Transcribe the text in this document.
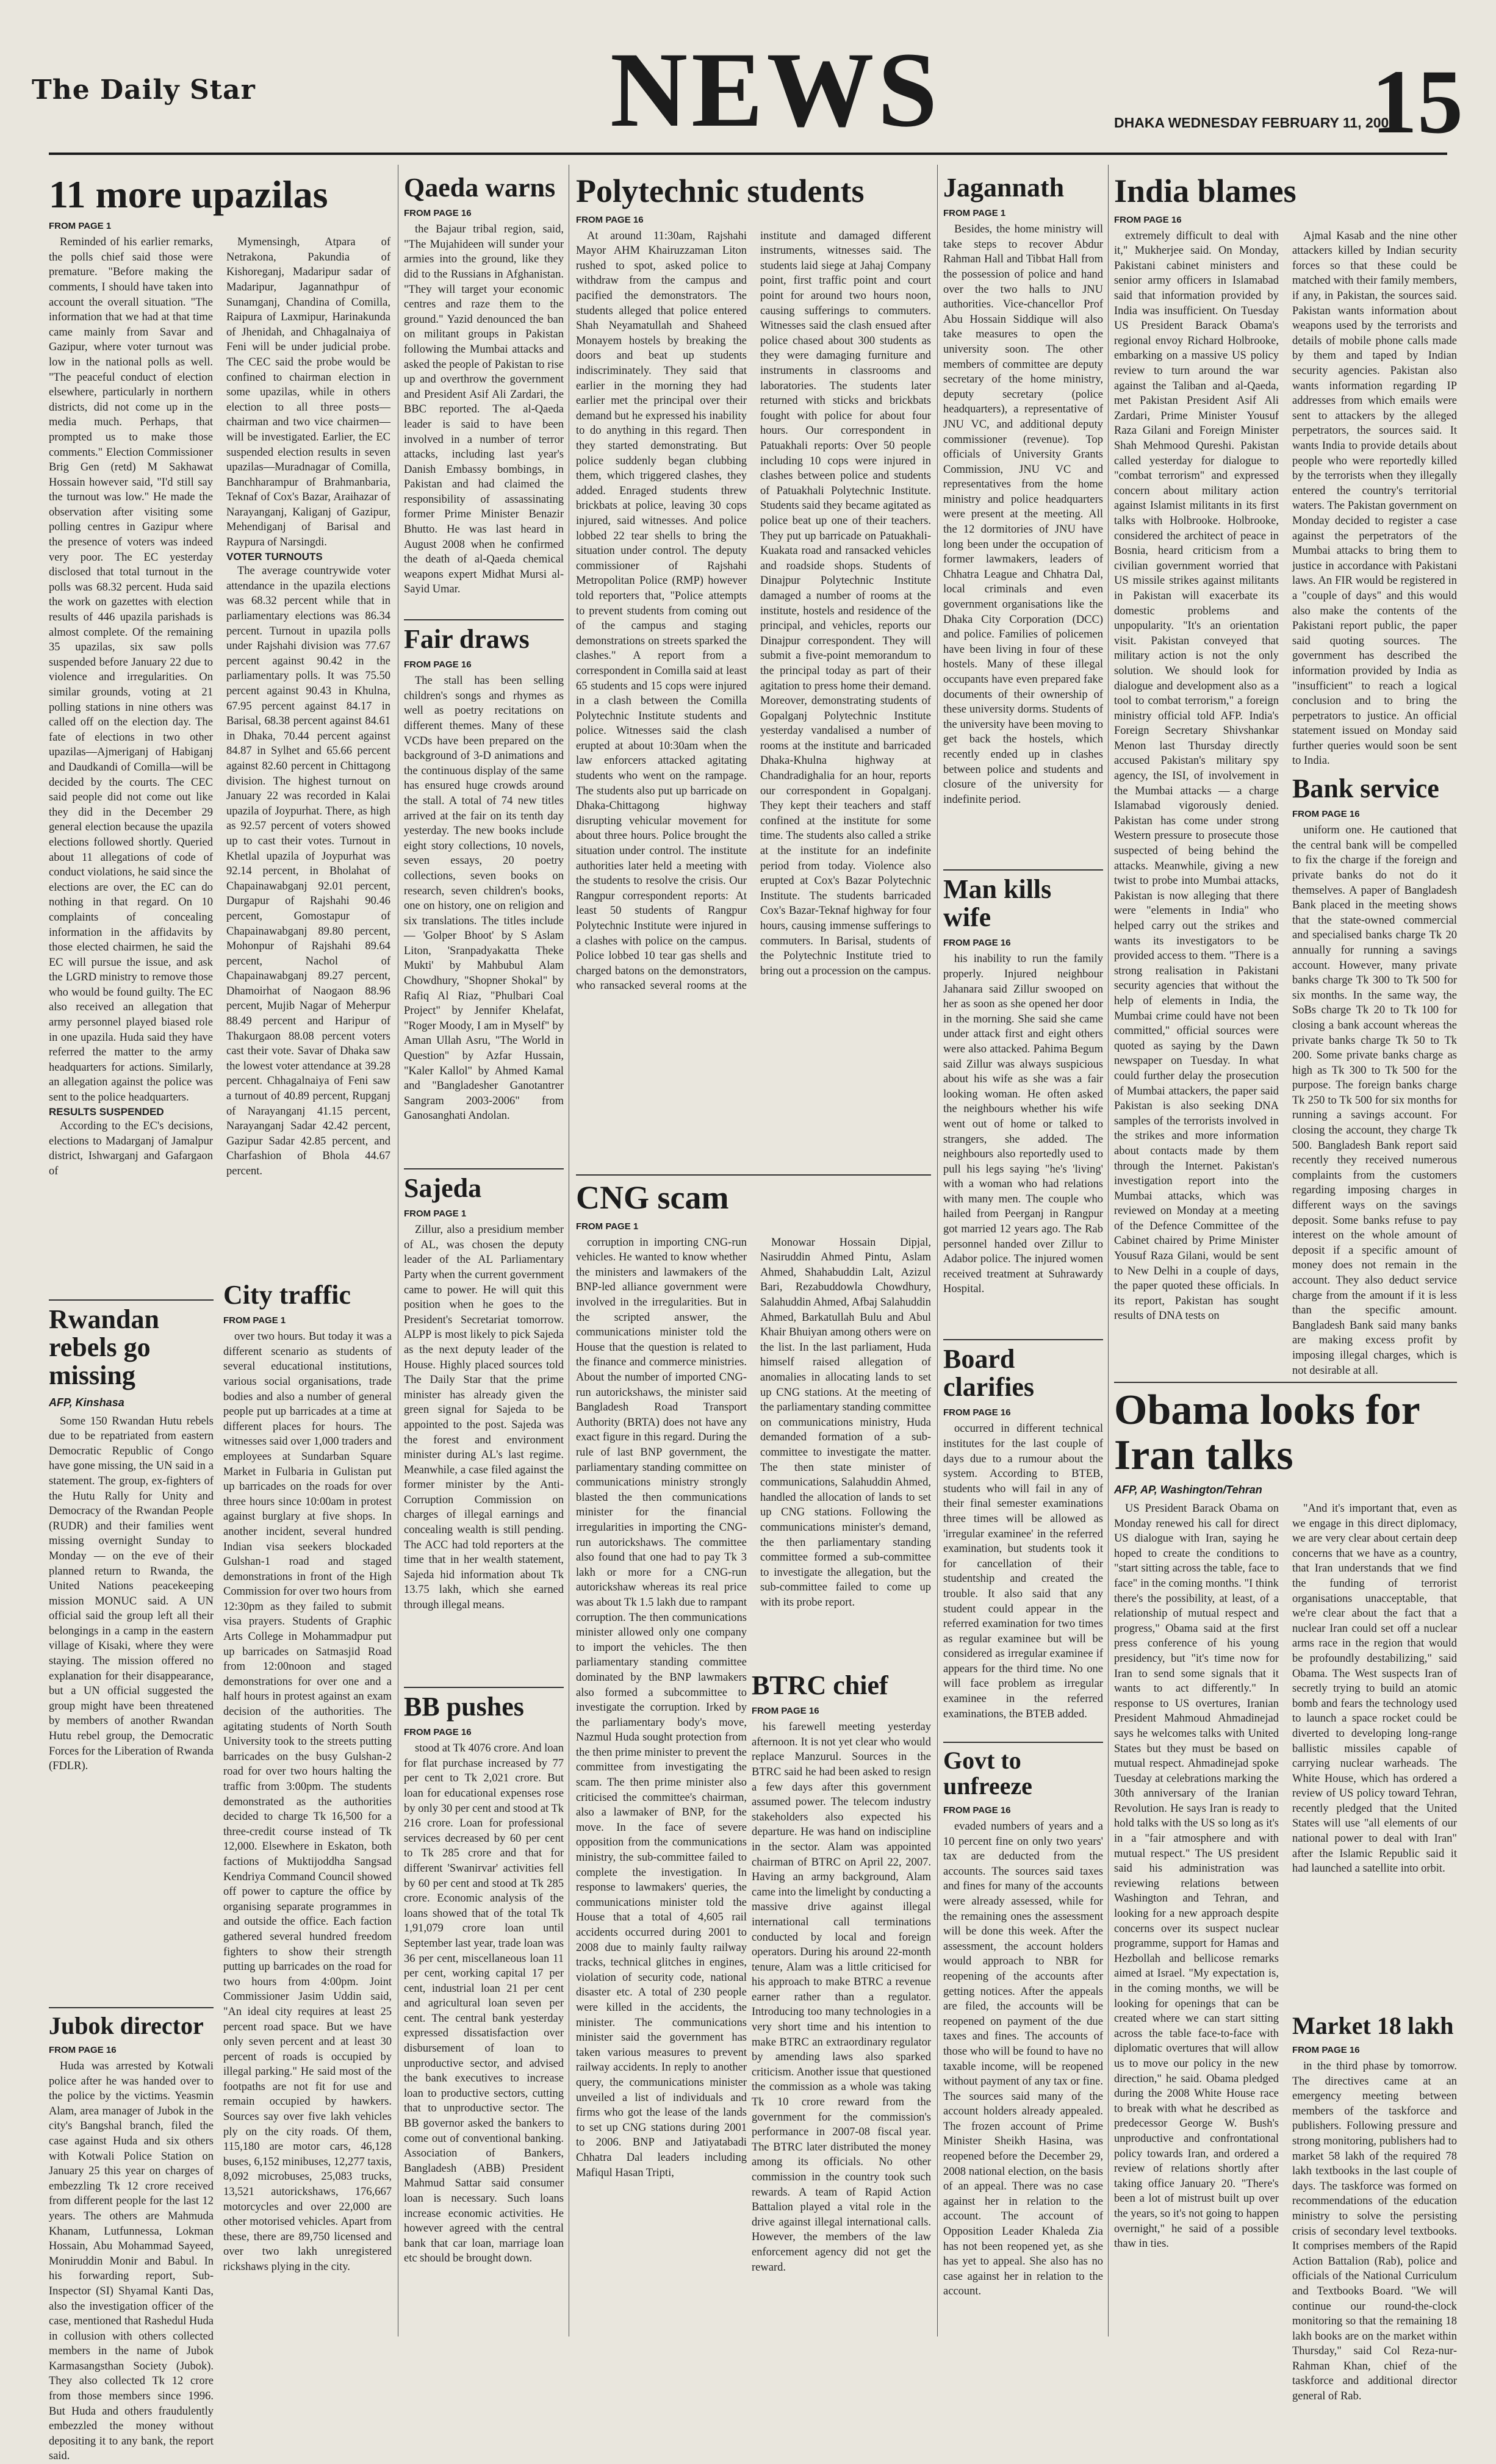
The Daily Star	NEWS	DHAKA WEDNESDAY FEBRUARY 11, 2009
15
11 more upazilas
FROM PAGE 1

Reminded of his earlier remarks, the polls chief said those were premature. "Before making the comments, I should have taken into account the overall situation. "The information that we had at that time came mainly from Savar and Gazipur, where voter turnout was low in the national polls as well. "The peaceful conduct of election elsewhere, particularly in northern districts, did not come up in the media much. Perhaps, that prompted us to make those comments." Election Commissioner Brig Gen (retd) M Sakhawat Hossain however said, "I'd still say the turnout was low." He made the observation after visiting some polling centres in Gazipur where the presence of voters was indeed very poor. The EC yesterday disclosed that total turnout in the polls was 68.32 percent. Huda said the work on gazettes with election results of 446 upazila parishads is almost complete. Of the remaining 35 upazilas, six saw polls suspended before January 22 due to violence and irregularities. On similar grounds, voting at 21 polling stations in nine others was called off on the election day. The fate of elections in two other upazilas—Ajmeriganj of Habiganj and Daudkandi of Comilla—will be decided by the courts. The CEC said people did not come out like they did in the December 29 general election because the upazila elections followed shortly. Queried about 11 allegations of code of conduct violations, he said since the elections are over, the EC can do nothing in that regard. On 10 complaints of concealing information in the affidavits by those elected chairmen, he said the EC will pursue the issue, and ask the LGRD ministry to remove those who would be found guilty. The EC also received an allegation that army personnel played biased role in one upazila. Huda said they have referred the matter to the army headquarters for actions. Similarly, an allegation against the police was sent to the police headquarters.

RESULTS SUSPENDED

According to the EC's decisions, elections to Madarganj of Jamalpur district, Ishwarganj and Gafargaon of

Mymensingh, Atpara of Netrakona, Pakundia of Kishoreganj, Madaripur sadar of Madaripur, Jagannathpur of Sunamganj, Chandina of Comilla, Raipura of Laxmipur, Harinakunda of Jhenidah, and Chhagalnaiya of Feni will be under judicial probe. The CEC said the probe would be confined to chairman election in some upazilas, while in others election to all three posts—chairman and two vice chairmen—will be investigated. Earlier, the EC suspended election results in seven upazilas—Muradnagar of Comilla, Banchharampur of Brahmanbaria, Teknaf of Cox's Bazar, Araihazar of Narayanganj, Kaliganj of Gazipur, Mehendiganj of Barisal and Raypura of Narsingdi.

VOTER TURNOUTS

The average countrywide voter attendance in the upazila elections was 68.32 percent while that in parliamentary elections was 86.34 percent. Turnout in upazila polls under Rajshahi division was 77.67 percent against 90.42 in the parliamentary polls. It was 75.50 percent against 90.43 in Khulna, 67.95 percent against 84.17 in Barisal, 68.38 percent against 84.61 in Dhaka, 70.44 percent against 84.87 in Sylhet and 65.66 percent against 82.60 percent in Chittagong division. The highest turnout on January 22 was recorded in Kalai upazila of Joypurhat. There, as high as 92.57 percent of voters showed up to cast their votes. Turnout in Khetlal upazila of Joypurhat was 92.14 percent, in Bholahat of Chapainawabganj 92.01 percent, Durgapur of Rajshahi 90.46 percent, Gomostapur of Chapainawabganj 89.80 percent, Mohonpur of Rajshahi 89.64 percent, Nachol of Chapainawabganj 89.27 percent, Dhamoirhat of Naogaon 88.96 percent, Mujib Nagar of Meherpur 88.49 percent and Haripur of Thakurgaon 88.08 percent voters cast their vote. Savar of Dhaka saw the lowest voter attendance at 39.28 percent. Chhagalnaiya of Feni saw a turnout of 40.89 percent, Rupganj of Narayanganj 41.15 percent, Narayanganj Sadar 42.42 percent, Gazipur Sadar 42.85 percent, and Charfashion of Bhola 44.67 percent.

Rwandan rebels go missing
AFP, Kinshasa

Some 150 Rwandan Hutu rebels due to be repatriated from eastern Democratic Republic of Congo have gone missing, the UN said in a statement. The group, ex-fighters of the Hutu Rally for Unity and Democracy of the Rwandan People (RUDR) and their families went missing overnight Sunday to Monday — on the eve of their planned return to Rwanda, the United Nations peacekeeping mission MONUC said. A UN official said the group left all their belongings in a camp in the eastern village of Kisaki, where they were staying. The mission offered no explanation for their disappearance, but a UN official suggested the group might have been threatened by members of another Rwandan Hutu rebel group, the Democratic Forces for the Liberation of Rwanda (FDLR).

Jubok director
FROM PAGE 16

Huda was arrested by Kotwali police after he was handed over to the police by the victims. Yeasmin Alam, area manager of Jubok in the city's Bangshal branch, filed the case against Huda and six others with Kotwali Police Station on January 25 this year on charges of embezzling Tk 12 crore received from different people for the last 12 years. The others are Mahmuda Khanam, Lutfunnessa, Lokman Hossain, Abu Mohammad Sayeed, Moniruddin Monir and Babul. In his forwarding report, Sub-Inspector (SI) Shyamal Kanti Das, also the investigation officer of the case, mentioned that Rashedul Huda in collusion with others collected members in the name of Jubok Karmasangsthan Society (Jubok). They also collected Tk 12 crore from those members since 1996. But Huda and others fraudulently embezzled the money without depositing it to any bank, the report said.

City traffic
FROM PAGE 1

over two hours. But today it was a different scenario as students of several educational institutions, various social organisations, trade bodies and also a number of general people put up barricades at a time at different places for hours. The witnesses said over 1,000 traders and employees at Sundarban Square Market in Fulbaria in Gulistan put up barricades on the roads for over three hours since 10:00am in protest against burglary at five shops. In another incident, several hundred Indian visa seekers blockaded Gulshan-1 road and staged demonstrations in front of the High Commission for over two hours from 12:30pm as they failed to submit visa prayers. Students of Graphic Arts College in Mohammadpur put up barricades on Satmasjid Road from 12:00noon and staged demonstrations for over one and a half hours in protest against an exam decision of the authorities. The agitating students of North South University took to the streets putting barricades on the busy Gulshan-2 road for over two hours halting the traffic from 3:00pm. The students demonstrated as the authorities decided to charge Tk 16,500 for a three-credit course instead of Tk 12,000. Elsewhere in Eskaton, both factions of Muktijoddha Sangsad Kendriya Command Council showed off power to capture the office by organising separate programmes in and outside the office. Each faction gathered several hundred freedom fighters to show their strength putting up barricades on the road for two hours from 4:00pm. Joint Commissioner Jasim Uddin said, "An ideal city requires at least 25 percent road space. But we have only seven percent and at least 30 percent of roads is occupied by illegal parking." He said most of the footpaths are not fit for use and remain occupied by hawkers. Sources say over five lakh vehicles ply on the city roads. Of them, 115,180 are motor cars, 46,128 buses, 6,152 minibuses, 12,277 taxis, 8,092 microbuses, 25,083 trucks, 13,521 autorickshaws, 176,667 motorcycles and over 22,000 are other motorised vehicles. Apart from these, there are 89,750 licensed and over two lakh unregistered rickshaws plying in the city.

Qaeda warns
FROM PAGE 16

the Bajaur tribal region, said, "The Mujahideen will sunder your armies into the ground, like they did to the Russians in Afghanistan. "They will target your economic centres and raze them to the ground." Yazid denounced the ban on militant groups in Pakistan following the Mumbai attacks and asked the people of Pakistan to rise up and overthrow the government and President Asif Ali Zardari, the BBC reported. The al-Qaeda leader is said to have been involved in a number of terror attacks, including last year's Danish Embassy bombings, in Pakistan and had claimed the responsibility of assassinating former Prime Minister Benazir Bhutto. He was last heard in August 2008 when he confirmed the death of al-Qaeda chemical weapons expert Midhat Mursi al-Sayid Umar.

Fair draws
FROM PAGE 16

The stall has been selling children's songs and rhymes as well as poetry recitations on different themes. Many of these VCDs have been prepared on the background of 3-D animations and the continuous display of the same has ensured huge crowds around the stall. A total of 74 new titles arrived at the fair on its tenth day yesterday. The new books include eight story collections, 10 novels, seven essays, 20 poetry collections, seven books on research, seven children's books, one on history, one on religion and six translations. The titles include — 'Golper Bhoot' by S Aslam Liton, 'Sranpadyakatta Theke Mukti' by Mahbubul Alam Chowdhury, "Shopner Shokal" by Rafiq Al Riaz, "Phulbari Coal Project" by Jennifer Khelafat, "Roger Moody, I am in Myself" by Aman Ullah Asru, "The World in Question" by Azfar Hussain, "Kaler Kallol" by Ahmed Kamal and "Bangladesher Ganotantrer Sangram 2003-2006" from Ganosanghati Andolan.

Sajeda
FROM PAGE 1

Zillur, also a presidium member of AL, was chosen the deputy leader of the AL Parliamentary Party when the current government came to power. He will quit this position when he goes to the President's Secretariat tomorrow. ALPP is most likely to pick Sajeda as the next deputy leader of the House. Highly placed sources told The Daily Star that the prime minister has already given the green signal for Sajeda to be appointed to the post. Sajeda was the forest and environment minister during AL's last regime. Meanwhile, a case filed against the former minister by the Anti-Corruption Commission on charges of illegal earnings and concealing wealth is still pending. The ACC had told reporters at the time that in her wealth statement, Sajeda hid information about Tk 13.75 lakh, which she earned through illegal means.

BB pushes
FROM PAGE 16

stood at Tk 4076 crore. And loan for flat purchase increased by 77 per cent to Tk 2,021 crore. But loan for educational expenses rose by only 30 per cent and stood at Tk 216 crore. Loan for professional services decreased by 60 per cent to Tk 285 crore and that for different 'Swanirvar' activities fell by 60 per cent and stood at Tk 285 crore. Economic analysis of the loans showed that of the total Tk 1,91,079 crore loan until September last year, trade loan was 36 per cent, miscellaneous loan 11 per cent, working capital 17 per cent, industrial loan 21 per cent and agricultural loan seven per cent. The central bank yesterday expressed dissatisfaction over disbursement of loan to unproductive sector, and advised the bank executives to increase loan to productive sectors, cutting that to unproductive sector. The BB governor asked the bankers to come out of conventional banking. Association of Bankers, Bangladesh (ABB) President Mahmud Sattar said consumer loan is necessary. Such loans increase economic activities. He however agreed with the central bank that car loan, marriage loan etc should be brought down.

Polytechnic students
FROM PAGE 16

At around 11:30am, Rajshahi Mayor AHM Khairuzzaman Liton rushed to spot, asked police to withdraw from the campus and pacified the demonstrators. The students alleged that police entered Shah Neyamatullah and Shaheed Monayem hostels by breaking the doors and beat up students indiscriminately. They said that earlier in the morning they had earlier met the principal over their demand but he expressed his inability to do anything in this regard. Then they started demonstrating. But police suddenly began clubbing them, which triggered clashes, they added. Enraged students threw brickbats at police, leaving 30 cops injured, said witnesses. And police lobbed 22 tear shells to bring the situation under control. The deputy commissioner of Rajshahi Metropolitan Police (RMP) however told reporters that, "Police attempts to prevent students from coming out of the campus and staging demonstrations on streets sparked the clashes." A report from a correspondent in Comilla said at least 65 students and 15 cops were injured in a clash between the Comilla Polytechnic Institute students and police. Witnesses said the clash erupted at about 10:30am when the law enforcers attacked agitating students who went on the rampage. The students also put up barricade on Dhaka-Chittagong highway disrupting vehicular movement for about three hours. Police brought the situation under control. The institute authorities later held a meeting with the students to resolve the crisis. Our Rangpur correspondent reports: At least 50 students of Rangpur Polytechnic Institute were injured in a clashes with police on the campus. Police lobbed 10 tear gas shells and charged batons on the demonstrators, who ransacked several rooms at the institute and damaged different instruments, witnesses said. The students laid siege at Jahaj Company point, first traffic point and court point for around two hours noon, causing sufferings to commuters. Witnesses said the clash ensued after police chased about 300 students as they were damaging furniture and instruments in classrooms and laboratories. The students later returned with sticks and brickbats fought with police for about four hours. Our correspondent in Patuakhali reports: Over 50 people including 10 cops were injured in clashes between police and students of Patuakhali Polytechnic Institute. Students said they became agitated as police beat up one of their teachers. They put up barricade on Patuakhali-Kuakata road and ransacked vehicles and roadside shops. Students of Dinajpur Polytechnic Institute damaged a number of rooms at the institute, hostels and residence of the principal, and vehicles, reports our Dinajpur correspondent. They will submit a five-point memorandum to the principal today as part of their agitation to press home their demand. Moreover, demonstrating students of Gopalganj Polytechnic Institute yesterday vandalised a number of rooms at the institute and barricaded Dhaka-Khulna highway at Chandradighalia for an hour, reports our correspondent in Gopalganj. They kept their teachers and staff confined at the institute for some time. The students also called a strike at the institute for an indefinite period from today. Violence also erupted at Cox's Bazar Polytechnic Institute. The students barricaded Cox's Bazar-Teknaf highway for four hours, causing immense sufferings to commuters. In Barisal, students of the Polytechnic Institute tried to bring out a procession on the campus.

CNG scam
FROM PAGE 1

corruption in importing CNG-run vehicles. He wanted to know whether the ministers and lawmakers of the BNP-led alliance government were involved in the irregularities. But in the scripted answer, the communications minister told the House that the question is related to the finance and commerce ministries. About the number of imported CNG-run autorickshaws, the minister said Bangladesh Road Transport Authority (BRTA) does not have any exact figure in this regard. During the rule of last BNP government, the parliamentary standing committee on communications ministry strongly blasted the then communications minister for the financial irregularities in importing the CNG-run autorickshaws. The committee also found that one had to pay Tk 3 lakh or more for a CNG-run autorickshaw whereas its real price was about Tk 1.5 lakh due to rampant corruption. The then communications minister allowed only one company to import the vehicles. The then parliamentary standing committee dominated by the BNP lawmakers also formed a subcommittee to investigate the corruption. Irked by the parliamentary body's move, Nazmul Huda sought protection from the then prime minister to prevent the committee from investigating the scam. The then prime minister also criticised the committee's chairman, also a lawmaker of BNP, for the move. In the face of severe opposition from the communications ministry, the sub-committee failed to complete the investigation. In response to lawmakers' queries, the communications minister told the House that a total of 4,605 rail accidents occurred during 2001 to 2008 due to mainly faulty railway tracks, technical glitches in engines, violation of security code, national disaster etc. A total of 230 people were killed in the accidents, the minister. The communications minister said the government has taken various measures to prevent railway accidents. In reply to another query, the communications minister unveiled a list of individuals and firms who got the lease of the lands to set up CNG stations during 2001 to 2006. BNP and Jatiyatabadi Chhatra Dal leaders including Mafiqul Hasan Tripti,

Monowar Hossain Dipjal, Nasiruddin Ahmed Pintu, Aslam Ahmed, Shahabuddin Lalt, Azizul Bari, Rezabuddowla Chowdhury, Salahuddin Ahmed, Afbaj Salahuddin Ahmed, Barkatullah Bulu and Abul Khair Bhuiyan among others were on the list. In the last parliament, Huda himself raised allegation of anomalies in allocating lands to set up CNG stations. At the meeting of the parliamentary standing committee on communications ministry, Huda demanded formation of a sub-committee to investigate the matter. The then state minister of communications, Salahuddin Ahmed, handled the allocation of lands to set up CNG stations. Following the communications minister's demand, the then parliamentary standing committee formed a sub-committee to investigate the allegation, but the sub-committee failed to come up with its probe report.

BTRC chief
FROM PAGE 16

his farewell meeting yesterday afternoon. It is not yet clear who would replace Manzurul. Sources in the BTRC said he had been asked to resign a few days after this government assumed power. The telecom industry stakeholders also expected his departure. He was hand on indiscipline in the sector. Alam was appointed chairman of BTRC on April 22, 2007. Having an army background, Alam came into the limelight by conducting a massive drive against illegal international call terminations conducted by local and foreign operators. During his around 22-month tenure, Alam was a little criticised for his approach to make BTRC a revenue earner rather than a regulator. Introducing too many technologies in a very short time and his intention to make BTRC an extraordinary regulator by amending laws also sparked criticism. Another issue that questioned the commission as a whole was taking Tk 10 crore reward from the government for the commission's performance in 2007-08 fiscal year. The BTRC later distributed the money among its officials. No other commission in the country took such rewards. A team of Rapid Action Battalion played a vital role in the drive against illegal international calls. However, the members of the law enforcement agency did not get the reward.

Jagannath
FROM PAGE 1

Besides, the home ministry will take steps to recover Abdur Rahman Hall and Tibbat Hall from the possession of police and hand over the two halls to JNU authorities. Vice-chancellor Prof Abu Hossain Siddique will also take measures to open the university soon. The other members of committee are deputy secretary of the home ministry, deputy secretary (police headquarters), a representative of JNU VC, and additional deputy commissioner (revenue). Top officials of University Grants Commission, JNU VC and representatives from the home ministry and police headquarters were present at the meeting. All the 12 dormitories of JNU have long been under the occupation of former lawmakers, leaders of Chhatra League and Chhatra Dal, local criminals and even government organisations like the Dhaka City Corporation (DCC) and police. Families of policemen have been living in four of these hostels. Many of these illegal occupants have even prepared fake documents of their ownership of these university dorms. Students of the university have been moving to get back the hostels, which recently ended up in clashes between police and students and closure of the university for indefinite period.

Man kills wife
FROM PAGE 16

his inability to run the family properly. Injured neighbour Jahanara said Zillur swooped on her as soon as she opened her door in the morning. She said she came under attack first and eight others were also attacked. Pahima Begum said Zillur was always suspicious about his wife as she was a fair looking woman. He often asked the neighbours whether his wife went out of home or talked to strangers, she added. The neighbours also reportedly used to pull his legs saying "he's 'living' with a woman who had relations with many men. The couple who hailed from Peerganj in Rangpur got married 12 years ago. The Rab personnel handed over Zillur to Adabor police. The injured women received treatment at Suhrawardy Hospital.

Board clarifies
FROM PAGE 16

occurred in different technical institutes for the last couple of days due to a rumour about the system. According to BTEB, students who will fail in any of their final semester examinations three times will be allowed as 'irregular examinee' in the referred examination, but students took it for cancellation of their studentship and created the trouble. It also said that any student could appear in the referred examination for two times as regular examinee but will be considered as irregular examinee if appears for the third time. No one will face problem as irregular examinee in the referred examinations, the BTEB added.

Govt to unfreeze
FROM PAGE 16

evaded numbers of years and a 10 percent fine on only two years' tax are deducted from the accounts. The sources said taxes and fines for many of the accounts were already assessed, while for the remaining ones the assessment will be done this week. After the assessment, the account holders would approach to NBR for reopening of the accounts after getting notices. After the appeals are filed, the accounts will be reopened on payment of the due taxes and fines. The accounts of those who will be found to have no taxable income, will be reopened without payment of any tax or fine. The sources said many of the account holders already appealed. The frozen account of Prime Minister Sheikh Hasina, was reopened before the December 29, 2008 national election, on the basis of an appeal. There was no case against her in relation to the account. The account of Opposition Leader Khaleda Zia has not been reopened yet, as she has yet to appeal. She also has no case against her in relation to the account.

India blames
FROM PAGE 16

extremely difficult to deal with it," Mukherjee said. On Monday, Pakistani cabinet ministers and senior army officers in Islamabad said that information provided by India was insufficient. On Tuesday US President Barack Obama's regional envoy Richard Holbrooke, embarking on a massive US policy review to turn around the war against the Taliban and al-Qaeda, met Pakistan President Asif Ali Zardari, Prime Minister Yousuf Raza Gilani and Foreign Minister Shah Mehmood Qureshi. Pakistan called yesterday for dialogue to "combat terrorism" and expressed concern about military action against Islamist militants in its first talks with Holbrooke. Holbrooke, considered the architect of peace in Bosnia, heard criticism from a civilian government worried that US missile strikes against militants in Pakistan will exacerbate its domestic problems and unpopularity. "It's an orientation visit. Pakistan conveyed that military action is not the only solution. We should look for dialogue and development also as a tool to combat terrorism," a foreign ministry official told AFP. India's Foreign Secretary Shivshankar Menon last Thursday directly accused Pakistan's military spy agency, the ISI, of involvement in the Mumbai attacks — a charge Islamabad vigorously denied. Pakistan has come under strong Western pressure to prosecute those suspected of being behind the attacks. Meanwhile, giving a new twist to probe into Mumbai attacks, Pakistan is now alleging that there were "elements in India" who helped carry out the strikes and wants its investigators to be provided access to them. "There is a strong realisation in Pakistani security agencies that without the help of elements in India, the Mumbai crime could have not been committed," official sources were quoted as saying by the Dawn newspaper on Tuesday. In what could further delay the prosecution of Mumbai attackers, the paper said Pakistan is also seeking DNA samples of the terrorists involved in the strikes and more information about contacts made by them through the Internet. Pakistan's investigation report into the Mumbai attacks, which was reviewed on Monday at a meeting of the Defence Committee of the Cabinet chaired by Prime Minister Yousuf Raza Gilani, would be sent to New Delhi in a couple of days, the paper quoted these officials. In its report, Pakistan has sought results of DNA tests on

Ajmal Kasab and the nine other attackers killed by Indian security forces so that these could be matched with their family members, if any, in Pakistan, the sources said. Pakistan wants information about weapons used by the terrorists and details of mobile phone calls made by them and taped by Indian security agencies. Pakistan also wants information regarding IP addresses from which emails were sent to attackers by the alleged perpetrators, the sources said. It wants India to provide details about people who were reportedly killed by the terrorists when they illegally entered the country's territorial waters. The Pakistan government on Monday decided to register a case against the perpetrators of the Mumbai attacks to bring them to justice in accordance with Pakistani laws. An FIR would be registered in a "couple of days" and this would also make the contents of the Pakistani report public, the paper said quoting sources. The government has described the information provided by India as "insufficient" to reach a logical conclusion and to bring the perpetrators to justice. An official statement issued on Monday said further queries would soon be sent to India.

Bank service
FROM PAGE 16

uniform one. He cautioned that the central bank will be compelled to fix the charge if the foreign and private banks do not do it themselves. A paper of Bangladesh Bank placed in the meeting shows that the state-owned commercial and specialised banks charge Tk 20 annually for running a savings account. However, many private banks charge Tk 300 to Tk 500 for six months. In the same way, the SoBs charge Tk 20 to Tk 100 for closing a bank account whereas the private banks charge Tk 50 to Tk 200. Some private banks charge as high as Tk 300 to Tk 500 for the purpose. The foreign banks charge Tk 250 to Tk 500 for six months for running a savings account. For closing the account, they charge Tk 500. Bangladesh Bank report said recently they received numerous complaints from the customers regarding imposing charges in different ways on the savings deposit. Some banks refuse to pay interest on the whole amount of deposit if a specific amount of money does not remain in the account. They also deduct service charge from the amount if it is less than the specific amount. Bangladesh Bank said many banks are making excess profit by imposing illegal charges, which is not desirable at all.

Obama looks for Iran talks
AFP, AP, Washington/Tehran

US President Barack Obama on Monday renewed his call for direct US dialogue with Iran, saying he hoped to create the conditions to "start sitting across the table, face to face" in the coming months. "I think there's the possibility, at least, of a relationship of mutual respect and progress," Obama said at the first press conference of his young presidency, but "it's time now for Iran to send some signals that it wants to act differently." In response to US overtures, Iranian President Mahmoud Ahmadinejad says he welcomes talks with United States but they must be based on mutual respect. Ahmadinejad spoke Tuesday at celebrations marking the 30th anniversary of the Iranian Revolution. He says Iran is ready to hold talks with the US so long as it's in a "fair atmosphere and with mutual respect." The US president said his administration was reviewing relations between Washington and Tehran, and looking for a new approach despite concerns over its suspect nuclear programme, support for Hamas and Hezbollah and bellicose remarks aimed at Israel. "My expectation is, in the coming months, we will be looking for openings that can be created where we can start sitting across the table face-to-face with diplomatic overtures that will allow us to move our policy in the new direction," he said. Obama pledged during the 2008 White House race to break with what he described as predecessor George W. Bush's unproductive and confrontational policy towards Iran, and ordered a review of relations shortly after taking office January 20. "There's been a lot of mistrust built up over the years, so it's not going to happen overnight," he said of a possible thaw in ties.

"And it's important that, even as we engage in this direct diplomacy, we are very clear about certain deep concerns that we have as a country, that Iran understands that we find the funding of terrorist organisations unacceptable, that we're clear about the fact that a nuclear Iran could set off a nuclear arms race in the region that would be profoundly destabilizing," said Obama. The West suspects Iran of secretly trying to build an atomic bomb and fears the technology used to launch a space rocket could be diverted to developing long-range ballistic missiles capable of carrying nuclear warheads. The White House, which has ordered a review of US policy toward Tehran, recently pledged that the United States will use "all elements of our national power to deal with Iran" after the Islamic Republic said it had launched a satellite into orbit.

Market 18 lakh
FROM PAGE 16

in the third phase by tomorrow. The directives came at an emergency meeting between members of the taskforce and publishers. Following pressure and strong monitoring, publishers had to market 58 lakh of the required 78 lakh textbooks in the last couple of days. The taskforce was formed on recommendations of the education ministry to solve the persisting crisis of secondary level textbooks. It comprises members of the Rapid Action Battalion (Rab), police and officials of the National Curriculum and Textbooks Board. "We will continue our round-the-clock monitoring so that the remaining 18 lakh books are on the market within Thursday," said Col Reza-nur-Rahman Khan, chief of the taskforce and additional director general of Rab.
